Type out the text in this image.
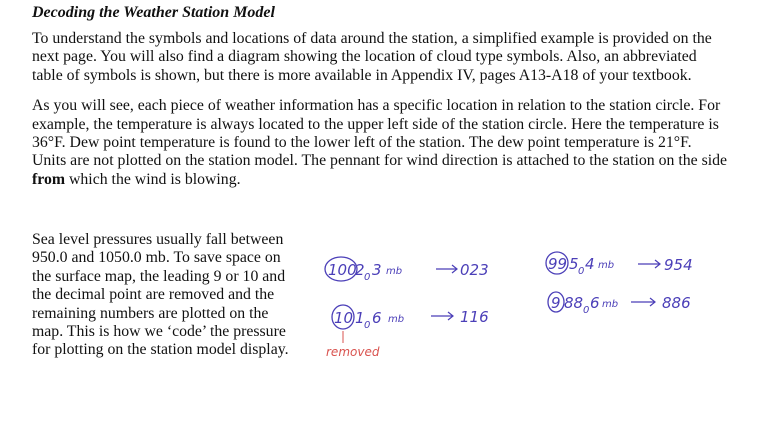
Decoding the Weather Station Model

To understand the symbols and locations of data around the station, a simplified example is provided on the next page. You will also find a diagram showing the location of cloud type symbols. Also, an abbreviated table of symbols is shown, but there is more available in Appendix IV, pages A13-A18 of your textbook.

As you will see, each piece of weather information has a specific location in relation to the station circle. For example, the temperature is always located to the upper left side of the station circle. Here the temperature is 36°F. Dew point temperature is found to the lower left of the station. The dew point temperature is 21°F. Units are not plotted on the station model. The pennant for wind direction is attached to the station on the side from which the wind is blowing.

Sea level pressures usually fall between 950.0 and 1050.0 mb. To save space on the surface map, the leading 9 or 10 and the decimal point are removed and the remaining numbers are plotted on the map. This is how we ‘code’ the pressure for plotting on the station model display.

100
2 0 3 mb	023	99 5 0 4 mb	954
10 1 0 6 mb	116
removed
9 88 0 6 mb	886
